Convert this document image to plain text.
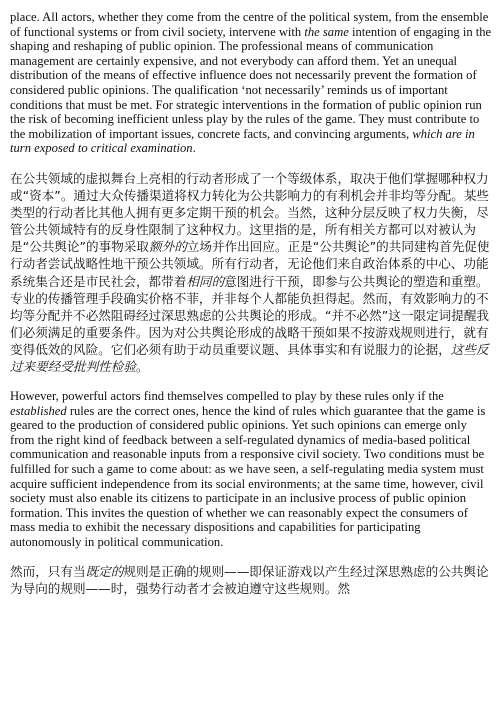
place. All actors, whether they come from the centre of the political system, from the ensemble of functional systems or from civil society, intervene with the same intention of engaging in the shaping and reshaping of public opinion. The professional means of communication management are certainly expensive, and not everybody can afford them. Yet an unequal distribution of the means of effective influence does not necessarily prevent the formation of considered public opinions. The qualification ‘not necessarily’ reminds us of important conditions that must be met. For strategic interventions in the formation of public opinion run the risk of becoming inefficient unless play by the rules of the game. They must contribute to the mobilization of important issues, concrete facts, and convincing arguments, which are in turn exposed to critical examination.

在公共领域的虚拟舞台上亮相的行动者形成了一个等级体系，取决于他们掌握哪种权力或“资本”。通过大众传播渠道将权力转化为公共影响力的有利机会并非均等分配。某些类型的行动者比其他人拥有更多定期干预的机会。当然，这种分层反映了权力失衡，尽管公共领域特有的反身性限制了这种权力。这里指的是，所有相关方都可以对被认为是“公共舆论”的事物采取额外的立场并作出回应。正是“公共舆论”的共同建构首先促使行动者尝试战略性地干预公共领域。所有行动者，无论他们来自政治体系的中心、功能系统集合还是市民社会，都带着相同的意图进行干预，即参与公共舆论的塑造和重塑。专业的传播管理手段确实价格不菲，并非每个人都能负担得起。然而，有效影响力的不均等分配并不必然阻碍经过深思熟虑的公共舆论的形成。“并不必然”这一限定词提醒我们必须满足的重要条件。因为对公共舆论形成的战略干预如果不按游戏规则进行，就有变得低效的风险。它们必须有助于动员重要议题、具体事实和有说服力的论据，这些反过来要经受批判性检验。

However, powerful actors find themselves compelled to play by these rules only if the established rules are the correct ones, hence the kind of rules which guarantee that the game is geared to the production of considered public opinions. Yet such opinions can emerge only from the right kind of feedback between a self-regulated dynamics of media-based political communication and reasonable inputs from a responsive civil society. Two conditions must be fulfilled for such a game to come about: as we have seen, a self-regulating media system must acquire sufficient independence from its social environments; at the same time, however, civil society must also enable its citizens to participate in an inclusive process of public opinion formation. This invites the question of whether we can reasonably expect the consumers of mass media to exhibit the necessary dispositions and capabilities for participating autonomously in political communication.

然而，只有当既定的规则是正确的规则——即保证游戏以产生经过深思熟虑的公共舆论为导向的规则——时，强势行动者才会被迫遵守这些规则。然
